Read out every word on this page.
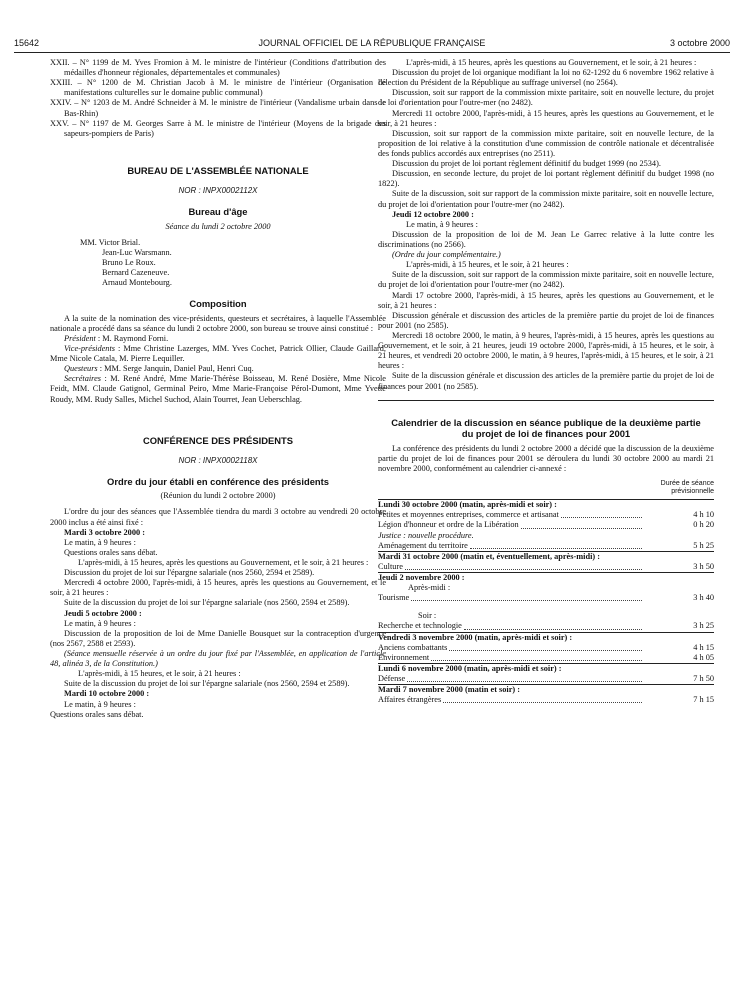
15642	JOURNAL OFFICIEL DE LA RÉPUBLIQUE FRANÇAISE	3 octobre 2000

XXII. – N° 1199 de M. Yves Fromion à M. le ministre de l'intérieur (Conditions d'attribution des médailles d'honneur régionales, départementales et communales)

XXIII. – N° 1200 de M. Christian Jacob à M. le ministre de l'intérieur (Organisation de manifestations culturelles sur le domaine public communal)

XXIV. – N° 1203 de M. André Schneider à M. le ministre de l'intérieur (Vandalisme urbain dans le Bas-Rhin)

XXV. – N° 1197 de M. Georges Sarre à M. le ministre de l'intérieur (Moyens de la brigade des sapeurs-pompiers de Paris)

BUREAU DE L'ASSEMBLÉE NATIONALE
NOR : INPX0002112X
Bureau d'âge

Séance du lundi 2 octobre 2000

MM. Victor Brial.
Jean-Luc Warsmann.
Bruno Le Roux.
Bernard Cazeneuve.
Arnaud Montebourg.
Composition

A la suite de la nomination des vice-présidents, questeurs et secrétaires, à laquelle l'Assemblée nationale a procédé dans sa séance du lundi 2 octobre 2000, son bureau se trouve ainsi constitué :

Président : M. Raymond Forni.

Vice-présidents : Mme Christine Lazerges, MM. Yves Cochet, Patrick Ollier, Claude Gaillard, Mme Nicole Catala, M. Pierre Lequiller.

Questeurs : MM. Serge Janquin, Daniel Paul, Henri Cuq.

Secrétaires : M. René André, Mme Marie-Thérèse Boisseau, M. René Dosière, Mme Nicole Feidt, MM. Claude Gatignol, Germinal Peiro, Mme Marie-Françoise Pérol-Dumont, Mme Yvette Roudy, MM. Rudy Salles, Michel Suchod, Alain Tourret, Jean Ueberschlag.

CONFÉRENCE DES PRÉSIDENTS
NOR : INPX0002118X
Ordre du jour établi en conférence des présidents

(Réunion du lundi 2 octobre 2000)

L'ordre du jour des séances que l'Assemblée tiendra du mardi 3 octobre au vendredi 20 octobre 2000 inclus a été ainsi fixé :

Mardi 3 octobre 2000 :

Le matin, à 9 heures :

Questions orales sans débat.

L'après-midi, à 15 heures, après les questions au Gouvernement, et le soir, à 21 heures :

Discussion du projet de loi sur l'épargne salariale (nos 2560, 2594 et 2589).

Mercredi 4 octobre 2000, l'après-midi, à 15 heures, après les questions au Gouvernement, et le soir, à 21 heures :

Suite de la discussion du projet de loi sur l'épargne salariale (nos 2560, 2594 et 2589).

Jeudi 5 octobre 2000 :

Le matin, à 9 heures :

Discussion de la proposition de loi de Mme Danielle Bousquet sur la contraception d'urgence (nos 2567, 2588 et 2593).

(Séance mensuelle réservée à un ordre du jour fixé par l'Assemblée, en application de l'article 48, alinéa 3, de la Constitution.)

L'après-midi, à 15 heures, et le soir, à 21 heures :

Suite de la discussion du projet de loi sur l'épargne salariale (nos 2560, 2594 et 2589).

Mardi 10 octobre 2000 :

Le matin, à 9 heures :

Questions orales sans débat.

L'après-midi, à 15 heures, après les questions au Gouvernement, et le soir, à 21 heures :

Discussion du projet de loi organique modifiant la loi no 62-1292 du 6 novembre 1962 relative à l'élection du Président de la République au suffrage universel (no 2564).

Discussion, soit sur rapport de la commission mixte paritaire, soit en nouvelle lecture, du projet de loi d'orientation pour l'outre-mer (no 2482).

Mercredi 11 octobre 2000, l'après-midi, à 15 heures, après les questions au Gouvernement, et le soir, à 21 heures :

Discussion, soit sur rapport de la commission mixte paritaire, soit en nouvelle lecture, de la proposition de loi relative à la constitution d'une commission de contrôle nationale et décentralisée des fonds publics accordés aux entreprises (no 2511).

Discussion du projet de loi portant règlement définitif du budget 1999 (no 2534).

Discussion, en seconde lecture, du projet de loi portant règlement définitif du budget 1998 (no 1822).

Suite de la discussion, soit sur rapport de la commission mixte paritaire, soit en nouvelle lecture, du projet de loi d'orientation pour l'outre-mer (no 2482).

Jeudi 12 octobre 2000 :

Le matin, à 9 heures :

Discussion de la proposition de loi de M. Jean Le Garrec relative à la lutte contre les discriminations (no 2566).

(Ordre du jour complémentaire.)

L'après-midi, à 15 heures, et le soir, à 21 heures :

Suite de la discussion, soit sur rapport de la commission mixte paritaire, soit en nouvelle lecture, du projet de loi d'orientation pour l'outre-mer (no 2482).

Mardi 17 octobre 2000, l'après-midi, à 15 heures, après les questions au Gouvernement, et le soir, à 21 heures :

Discussion générale et discussion des articles de la première partie du projet de loi de finances pour 2001 (no 2585).

Mercredi 18 octobre 2000, le matin, à 9 heures, l'après-midi, à 15 heures, après les questions au Gouvernement, et le soir, à 21 heures, jeudi 19 octobre 2000, l'après-midi, à 15 heures, et le soir, à 21 heures, et vendredi 20 octobre 2000, le matin, à 9 heures, l'après-midi, à 15 heures, et le soir, à 21 heures :

Suite de la discussion générale et discussion des articles de la première partie du projet de loi de finances pour 2001 (no 2585).

Calendrier de la discussion en séance publique de la deuxième partie du projet de loi de finances pour 2001

La conférence des présidents du lundi 2 octobre 2000 a décidé que la discussion de la deuxième partie du projet de loi de finances pour 2001 se déroulera du lundi 30 octobre 2000 au mardi 21 novembre 2000, conformément au calendrier ci-annexé :

Durée de séance prévisionnelle
Lundi 30 octobre 2000 (matin, après-midi et soir) :	

Petites et moyennes entreprises, commerce et artisanat	4 h 10

Légion d'honneur et ordre de la Libération	0 h 20
Justice : nouvelle procédure.	

Aménagement du territoire	5 h 25
Mardi 31 octobre 2000 (matin et, éventuellement, après-midi) :	

Culture	3 h 50
Jeudi 2 novembre 2000 :	
Après-midi :	

Tourisme	3 h 40
Soir :	

Recherche et technologie	3 h 25
Vendredi 3 novembre 2000 (matin, après-midi et soir) :	

Anciens combattants	4 h 15

Environnement	4 h 05
Lundi 6 novembre 2000 (matin, après-midi et soir) :	

Défense	7 h 50
Mardi 7 novembre 2000 (matin et soir) :	

Affaires étrangères	7 h 15
